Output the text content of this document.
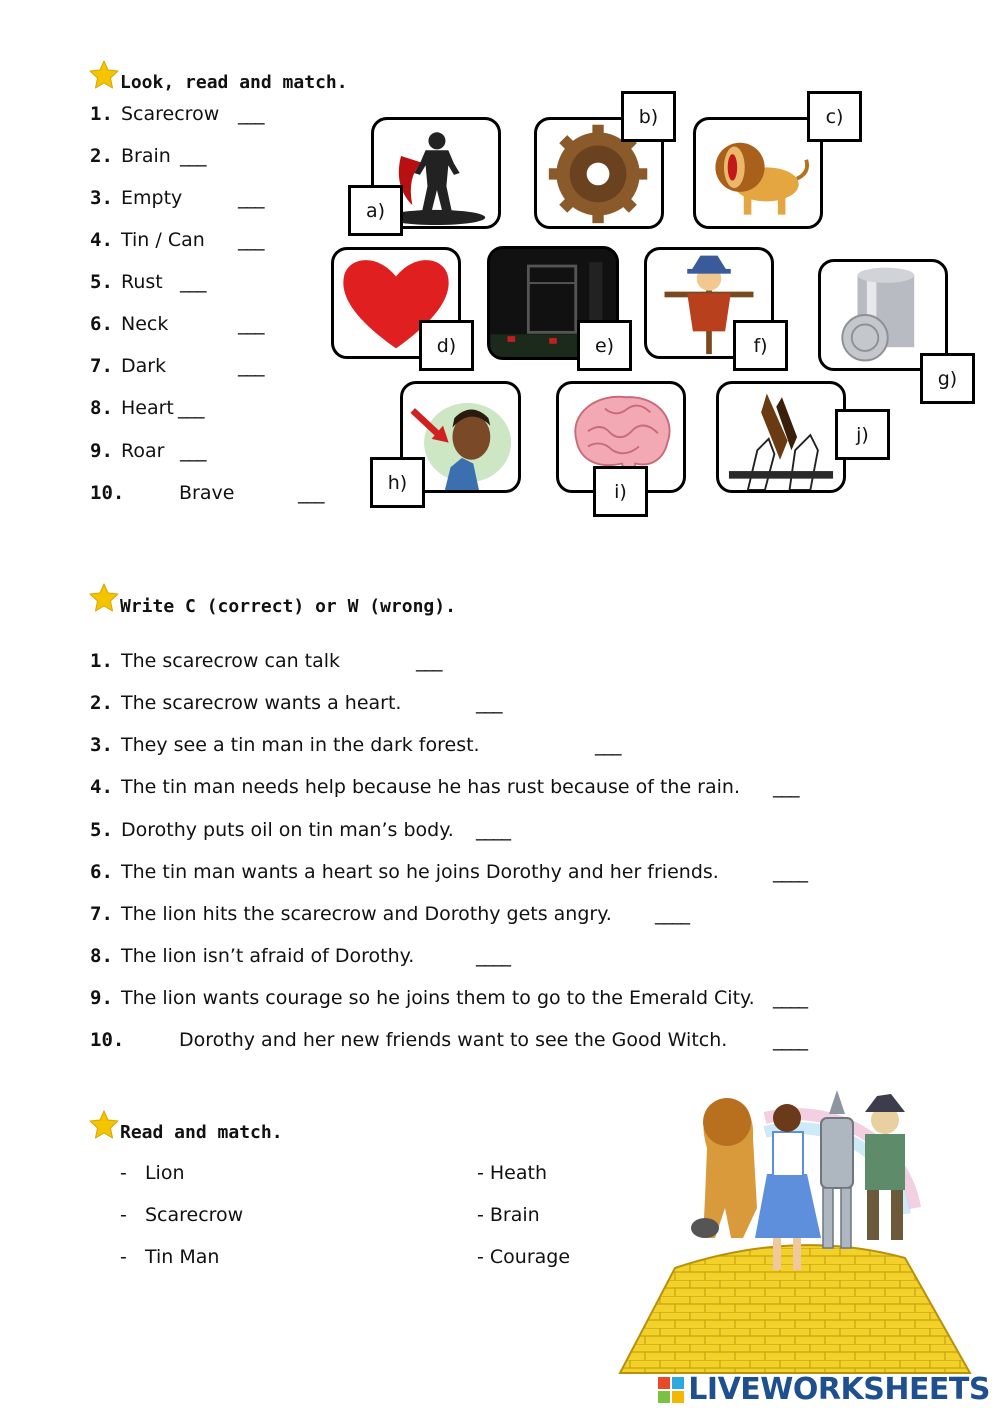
Look, read and match.
1. Scarecrow ___
2. Brain ___
3. Empty	___
4. Tin / Can ___
5. Rust ___
6. Neck	___
7. Dark	___
8. Heart ___
9. Roar ___
10.	Brave	___
a)
b)	c)
d)	e)	f)
g)
h)	i)
j)
Write C (correct) or W (wrong).
1. The scarecrow can talk	___
2. The scarecrow wants a heart.	___
3. They see a tin man in the dark forest.	___
4. The tin man needs help because he has rust because of the rain. ___
5. Dorothy puts oil on tin man’s body. ____
6. The tin man wants a heart so he joins Dorothy and her friends.	____
7. The lion hits the scarecrow and Dorothy gets angry. ____
8. The lion isn’t afraid of Dorothy.	____
9. The lion wants courage so he joins them to go to the Emerald City. ____
10.	Dorothy and her new friends want to see the Good Witch. ____
Read and match.
-   Lion
-   Scarecrow
-   Tin Man
- Heath
- Brain
- Courage
LIVEWORKSHEETS
